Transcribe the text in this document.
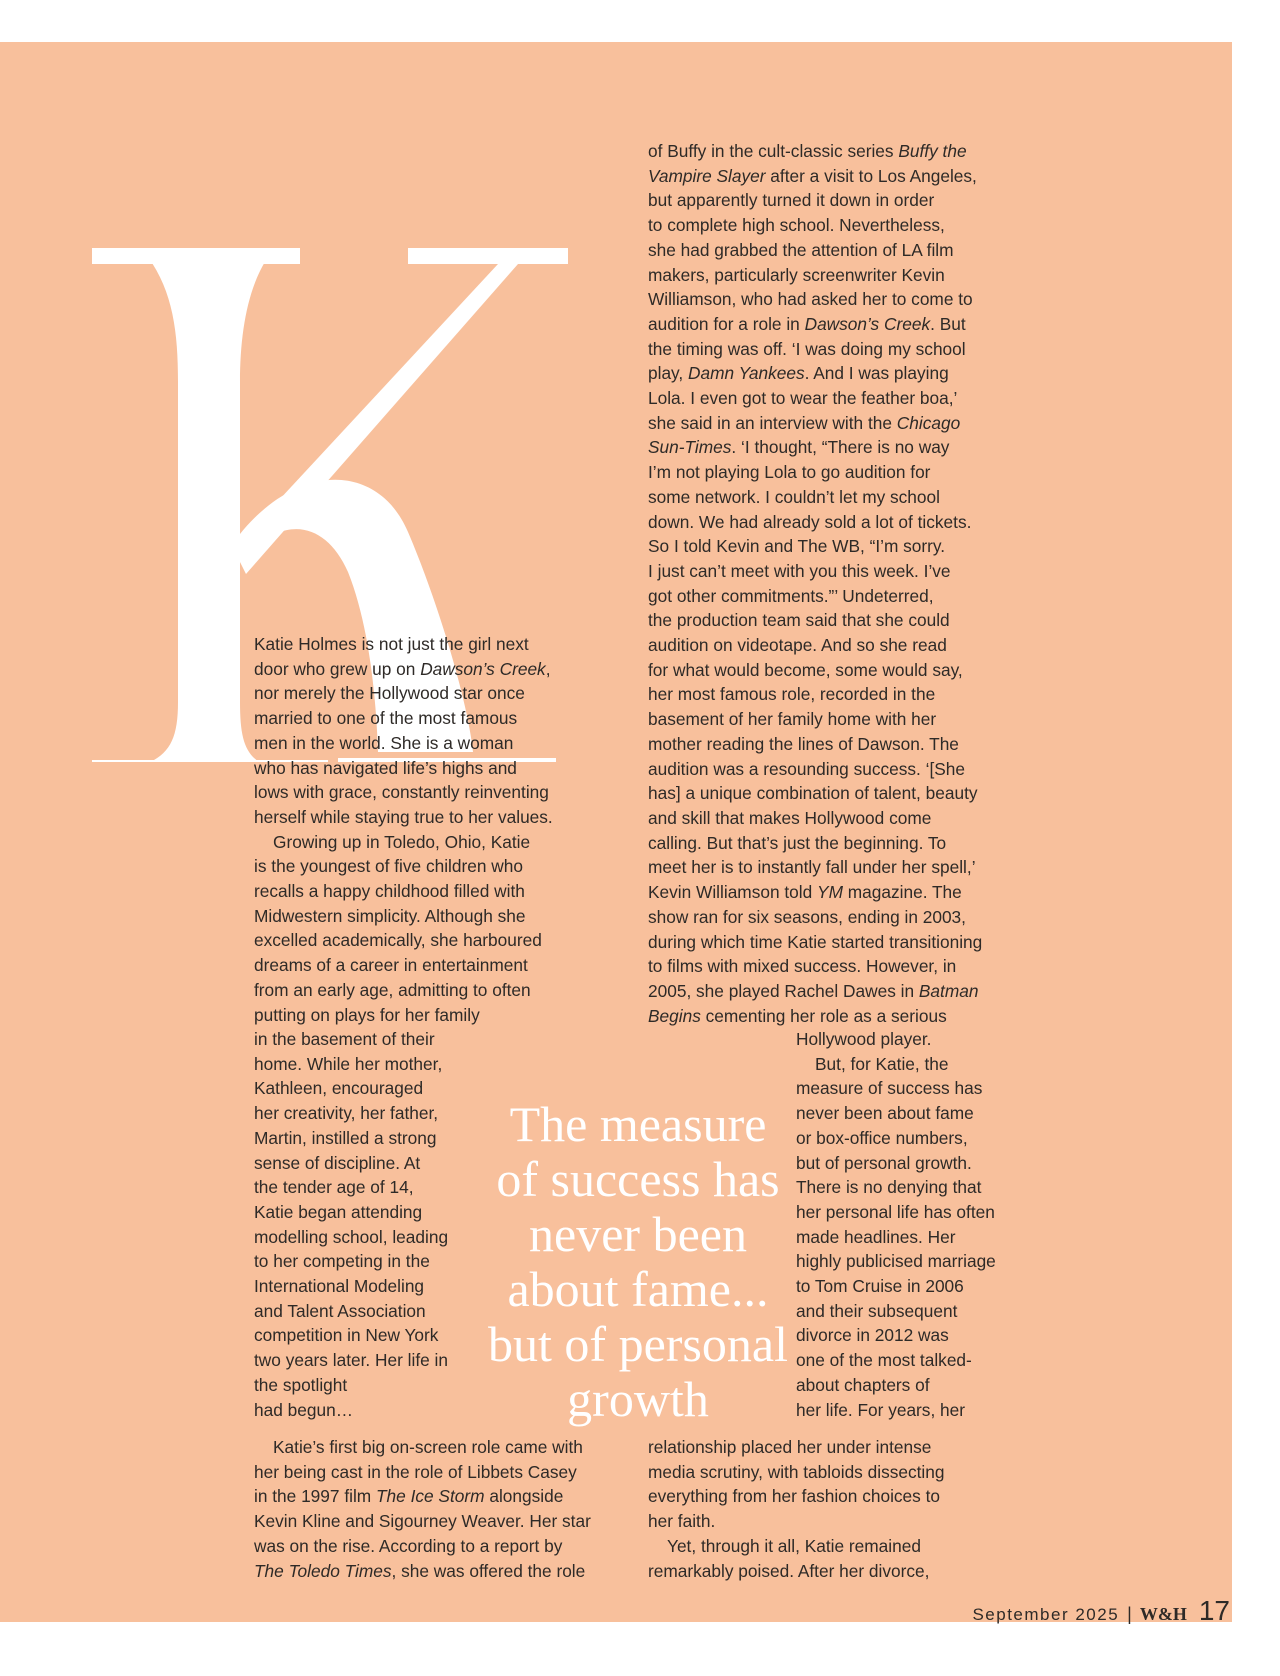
Katie Holmes is not just the girl next
door who grew up on Dawson’s Creek,
nor merely the Hollywood star once
married to one of the most famous
men in the world. She is a woman
who has navigated life’s highs and
lows with grace, constantly reinventing
herself while staying true to her values.
Growing up in Toledo, Ohio, Katie
is the youngest of five children who
recalls a happy childhood filled with
Midwestern simplicity. Although she
excelled academically, she harboured
dreams of a career in entertainment
from an early age, admitting to often
putting on plays for her family
in the basement of their
home. While her mother,
Kathleen, encouraged
her creativity, her father,
Martin, instilled a strong
sense of discipline. At
the tender age of 14,
Katie began attending
modelling school, leading
to her competing in the
International Modeling
and Talent Association
competition in New York
two years later. Her life in
the spotlight
had begun…
Katie’s first big on-screen role came with
her being cast in the role of Libbets Casey
in the 1997 film The Ice Storm alongside
Kevin Kline and Sigourney Weaver. Her star
was on the rise. According to a report by
The Toledo Times, she was offered the role
of Buffy in the cult-classic series Buffy the
Vampire Slayer after a visit to Los Angeles,
but apparently turned it down in order
to complete high school. Nevertheless,
she had grabbed the attention of LA film
makers, particularly screenwriter Kevin
Williamson, who had asked her to come to
audition for a role in Dawson’s Creek. But
the timing was off. ‘I was doing my school
play, Damn Yankees. And I was playing
Lola. I even got to wear the feather boa,’
she said in an interview with the Chicago
Sun-Times. ‘I thought, “There is no way
I’m not playing Lola to go audition for
some network. I couldn’t let my school
down. We had already sold a lot of tickets.
So I told Kevin and The WB, “I’m sorry.
I just can’t meet with you this week. I’ve
got other commitments.”’ Undeterred,
the production team said that she could
audition on videotape. And so she read
for what would become, some would say,
her most famous role, recorded in the
basement of her family home with her
mother reading the lines of Dawson. The
audition was a resounding success. ‘[She
has] a unique combination of talent, beauty
and skill that makes Hollywood come
calling. But that’s just the beginning. To
meet her is to instantly fall under her spell,’
Kevin Williamson told YM magazine. The
show ran for six seasons, ending in 2003,
during which time Katie started transitioning
to films with mixed success. However, in
2005, she played Rachel Dawes in Batman
Begins cementing her role as a serious
Hollywood player.
But, for Katie, the
measure of success has
never been about fame
or box-office numbers,
but of personal growth.
There is no denying that
her personal life has often
made headlines. Her
highly publicised marriage
to Tom Cruise in 2006
and their subsequent
divorce in 2012 was
one of the most talked-
about chapters of
her life. For years, her
relationship placed her under intense
media scrutiny, with tabloids dissecting
everything from her fashion choices to
her faith.
Yet, through it all, Katie remained
remarkably poised. After her divorce,
The measure
of success has
never been
about fame...
but of personal
growth
September 2025 | W&H 17
